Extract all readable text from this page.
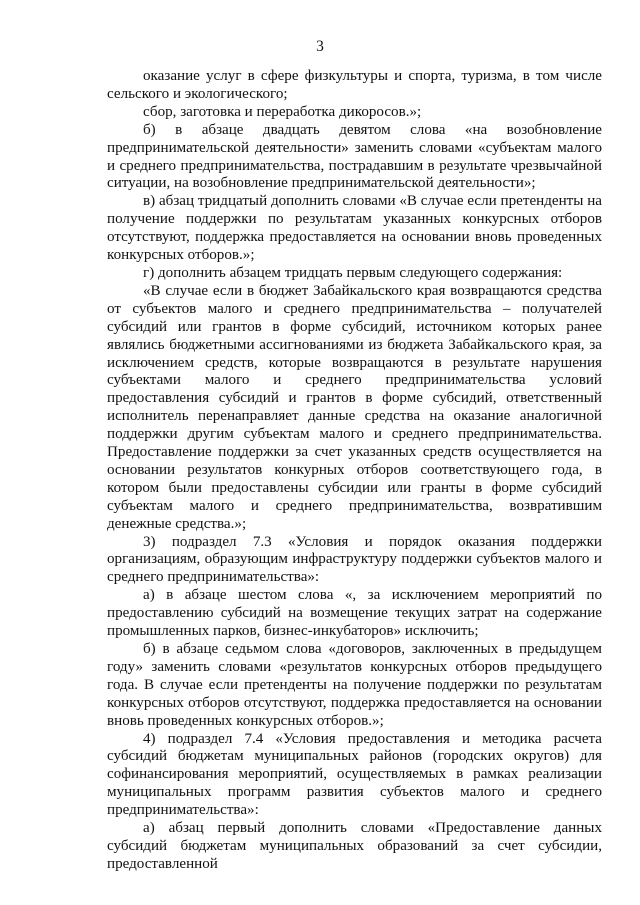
3

оказание услуг в сфере физкультуры и спорта, туризма, в том числе сельского и экологического;

сбор, заготовка и переработка дикоросов.»;

б) в абзаце двадцать девятом слова «на возобновление предпринимательской деятельности» заменить словами «субъектам малого и среднего предпринимательства, пострадавшим в результате чрезвычайной ситуации, на возобновление предпринимательской деятельности»;

в) абзац тридцатый дополнить словами «В случае если претенденты на получение поддержки по результатам указанных конкурсных отборов отсутствуют, поддержка предоставляется на основании вновь проведенных конкурсных отборов.»;

г) дополнить абзацем тридцать первым следующего содержания:

«В случае если в бюджет Забайкальского края возвращаются средства от субъектов малого и среднего предпринимательства – получателей субсидий или грантов в форме субсидий, источником которых ранее являлись бюджетными ассигнованиями из бюджета Забайкальского края, за исключением средств, которые возвращаются в результате нарушения субъектами малого и среднего предпринимательства условий предоставления субсидий и грантов в форме субсидий, ответственный исполнитель перенаправляет данные средства на оказание аналогичной поддержки другим субъектам малого и среднего предпринимательства. Предоставление поддержки за счет указанных средств осуществляется на основании результатов конкурных отборов соответствующего года, в котором были предоставлены субсидии или гранты в форме субсидий субъектам малого и среднего предпринимательства, возвратившим денежные средства.»;

3) подраздел 7.3 «Условия и порядок оказания поддержки организациям, образующим инфраструктуру поддержки субъектов малого и среднего предпринимательства»:

а) в абзаце шестом слова «, за исключением мероприятий по предоставлению субсидий на возмещение текущих затрат на содержание промышленных парков, бизнес-инкубаторов» исключить;

б) в абзаце седьмом слова «договоров, заключенных в предыдущем году» заменить словами «результатов конкурсных отборов предыдущего года. В случае если претенденты на получение поддержки по результатам конкурсных отборов отсутствуют, поддержка предоставляется на основании вновь проведенных конкурсных отборов.»;

4) подраздел 7.4 «Условия предоставления и методика расчета субсидий бюджетам муниципальных районов (городских округов) для софинансирования мероприятий, осуществляемых в рамках реализации муниципальных программ развития субъектов малого и среднего предпринимательства»:

а) абзац первый дополнить словами «Предоставление данных субсидий бюджетам муниципальных образований за счет субсидии, предоставленной
